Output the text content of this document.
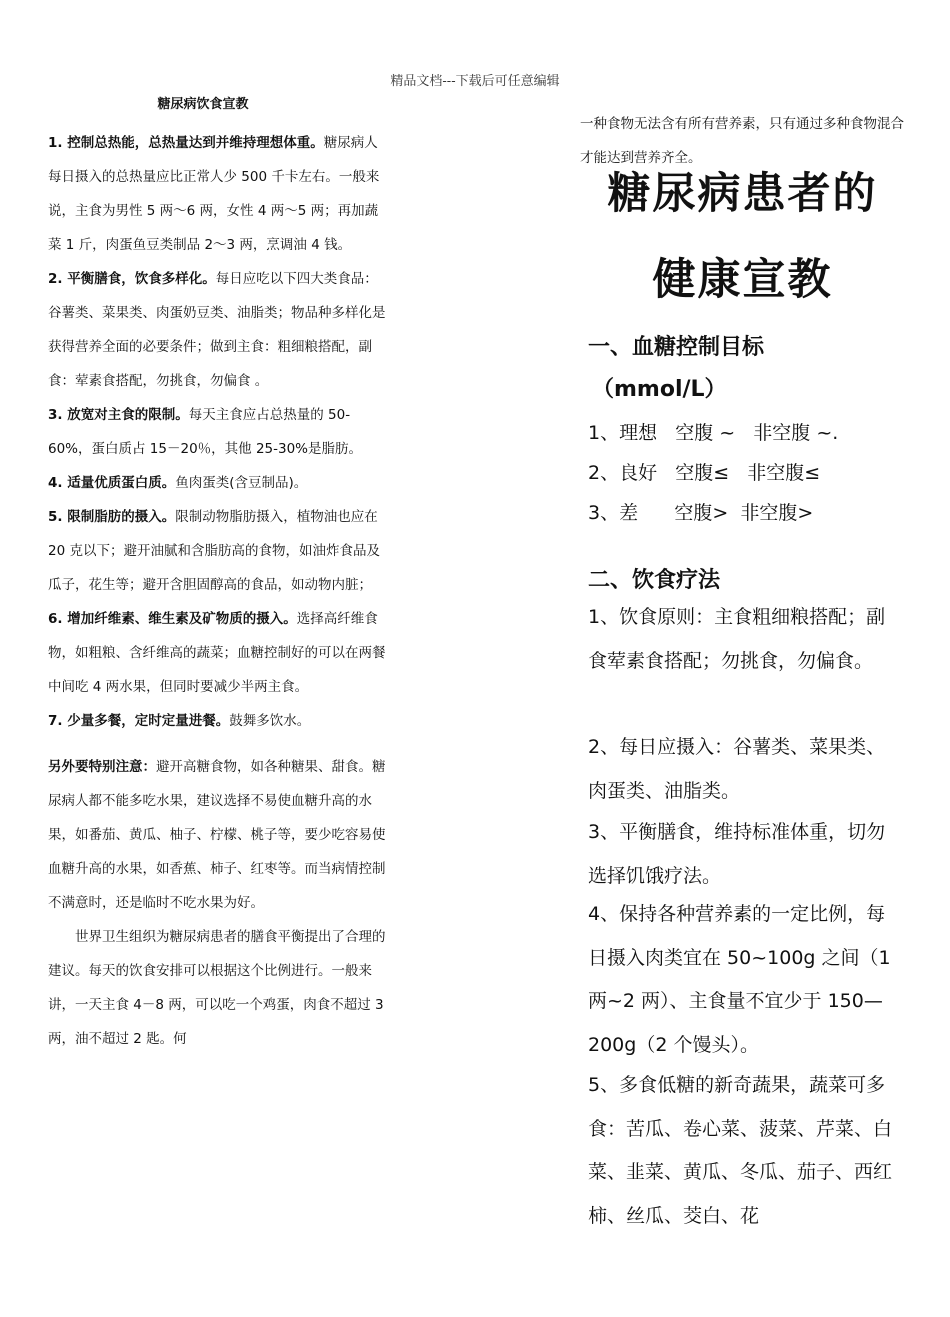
精品文档---下载后可任意编辑
糖尿病饮食宣教

1. 控制总热能，总热量达到并维持理想体重。糖尿病人每日摄入的总热量应比正常人少 500 千卡左右。一般来说，主食为男性 5 两～6 两，女性 4 两～5 两；再加蔬菜 1 斤，肉蛋鱼豆类制品 2～3 两，烹调油 4 钱。

2. 平衡膳食，饮食多样化。每日应吃以下四大类食品： 谷薯类、菜果类、肉蛋奶豆类、油脂类；物品种多样化是获得营养全面的必要条件；做到主食：粗细粮搭配，副食：荤素食搭配，勿挑食，勿偏食 。

3. 放宽对主食的限制。每天主食应占总热量的 50-60%，蛋白质占 15－20％，其他 25-30%是脂肪。

4. 适量优质蛋白质。鱼肉蛋类(含豆制品)。

5. 限制脂肪的摄入。限制动物脂肪摄入，植物油也应在 20 克以下；避开油腻和含脂肪高的食物，如油炸食品及瓜子，花生等；避开含胆固醇高的食品，如动物内脏；

6. 增加纤维素、维生素及矿物质的摄入。选择高纤维食物，如粗粮、含纤维高的蔬菜；血糖控制好的可以在两餐中间吃 4 两水果，但同时要减少半两主食。

7. 少量多餐，定时定量进餐。鼓舞多饮水。

另外要特别注意：避开高糖食物，如各种糖果、甜食。糖尿病人都不能多吃水果，建议选择不易使血糖升高的水果，如番茄、黄瓜、柚子、柠檬、桃子等，要少吃容易使血糖升高的水果，如香蕉、柿子、红枣等。而当病情控制不满意时，还是临时不吃水果为好。

世界卫生组织为糖尿病患者的膳食平衡提出了合理的建议。每天的饮食安排可以根据这个比例进行。一般来讲，一天主食 4－8 两，可以吃一个鸡蛋，肉食不超过 3 两，油不超过 2 匙。何

一种食物无法含有所有营养素，只有通过多种食物混合才能达到营养齐全。
糖尿病患者的
健康宣教
一、血糖控制目标
（mmol/L）
1、理想   空腹 ~   非空腹 ~.
2、良好   空腹≤   非空腹≤
3、差      空腹>  非空腹>
二、饮食疗法
1、饮食原则：主食粗细粮搭配；副食荤素食搭配；勿挑食，勿偏食。
2、每日应摄入：谷薯类、菜果类、肉蛋类、油脂类。
3、平衡膳食，维持标准体重，切勿选择饥饿疗法。
4、保持各种营养素的一定比例，每日摄入肉类宜在 50~100g 之间（1 两~2 两）、主食量不宜少于 150—200g（2 个馒头）。
5、多食低糖的新奇蔬果，蔬菜可多食：苦瓜、卷心菜、菠菜、芹菜、白菜、韭菜、黄瓜、冬瓜、茄子、西红柿、丝瓜、茭白、花
